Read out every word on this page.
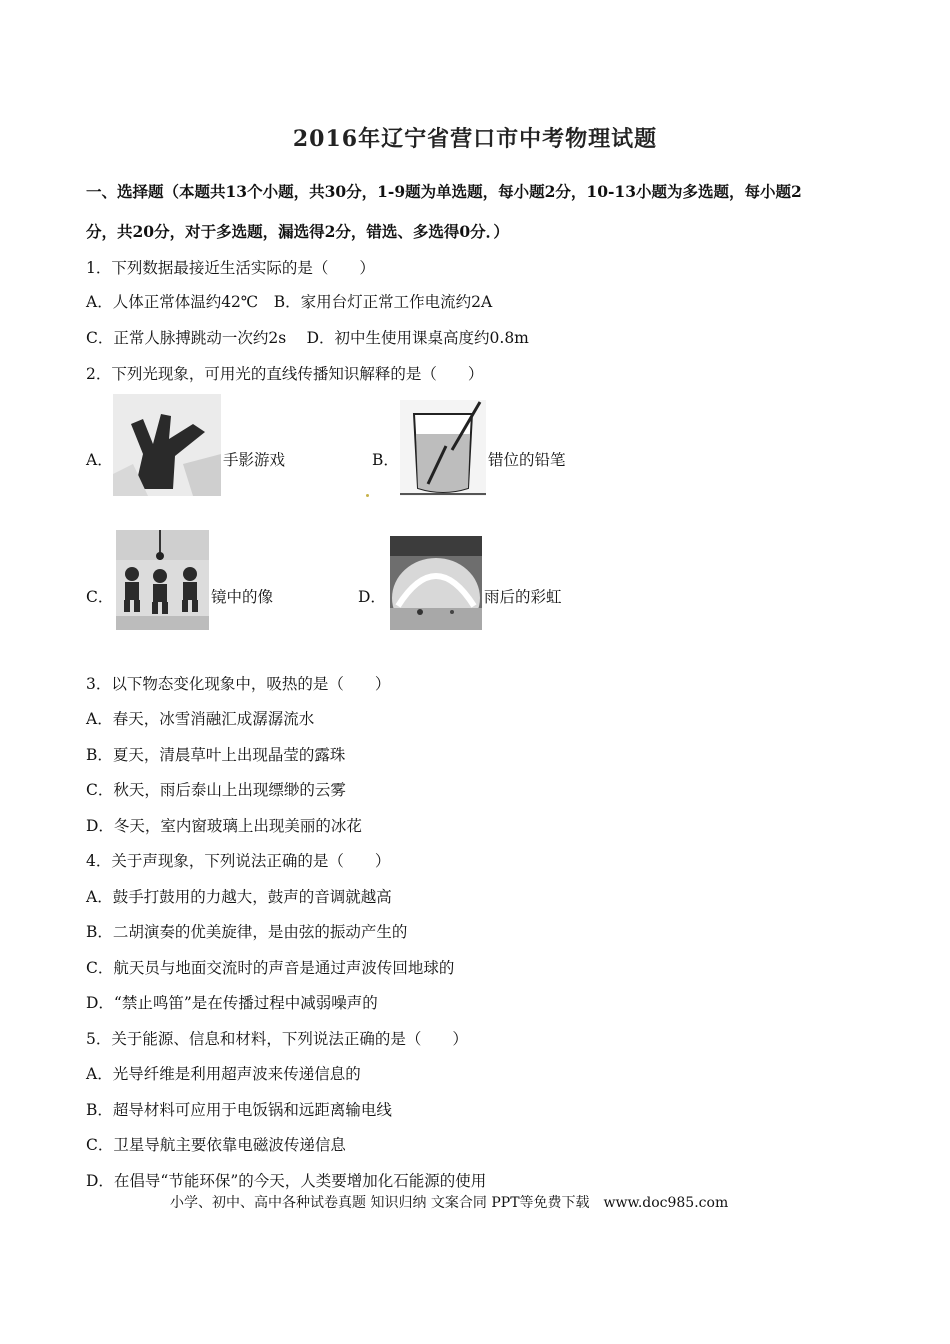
2016年辽宁省营口市中考物理试题
一、选择题（本题共13个小题，共30分，1-9题为单选题，每小题2分，10-13小题为多选题，每小题2
分，共20分，对于多选题，漏选得2分，错选、多选得0分．）
1．下列数据最接近生活实际的是（　　）
A．人体正常体温约42℃　B．家用台灯正常工作电流约2A
C．正常人脉搏跳动一次约2s　 D．初中生使用课桌高度约0.8m
2．下列光现象，可用光的直线传播知识解释的是（　　）
A．	手影游戏	B．	错位的铅笔
C．	镜中的像	D．	雨后的彩虹
3．以下物态变化现象中，吸热的是（　　）
A．春天，冰雪消融汇成潺潺流水
B．夏天，清晨草叶上出现晶莹的露珠
C．秋天，雨后泰山上出现缥缈的云雾
D．冬天，室内窗玻璃上出现美丽的冰花
4．关于声现象，下列说法正确的是（　　）
A．鼓手打鼓用的力越大，鼓声的音调就越高
B．二胡演奏的优美旋律，是由弦的振动产生的
C．航天员与地面交流时的声音是通过声波传回地球的
D．“禁止鸣笛”是在传播过程中减弱噪声的
5．关于能源、信息和材料，下列说法正确的是（　　）
A．光导纤维是利用超声波来传递信息的
B．超导材料可应用于电饭锅和远距离输电线
C．卫星导航主要依靠电磁波传递信息
D．在倡导“节能环保”的今天，人类要增加化石能源的使用
小学、初中、高中各种试卷真题 知识归纳 文案合同 PPT等免费下载　www.doc985.com
